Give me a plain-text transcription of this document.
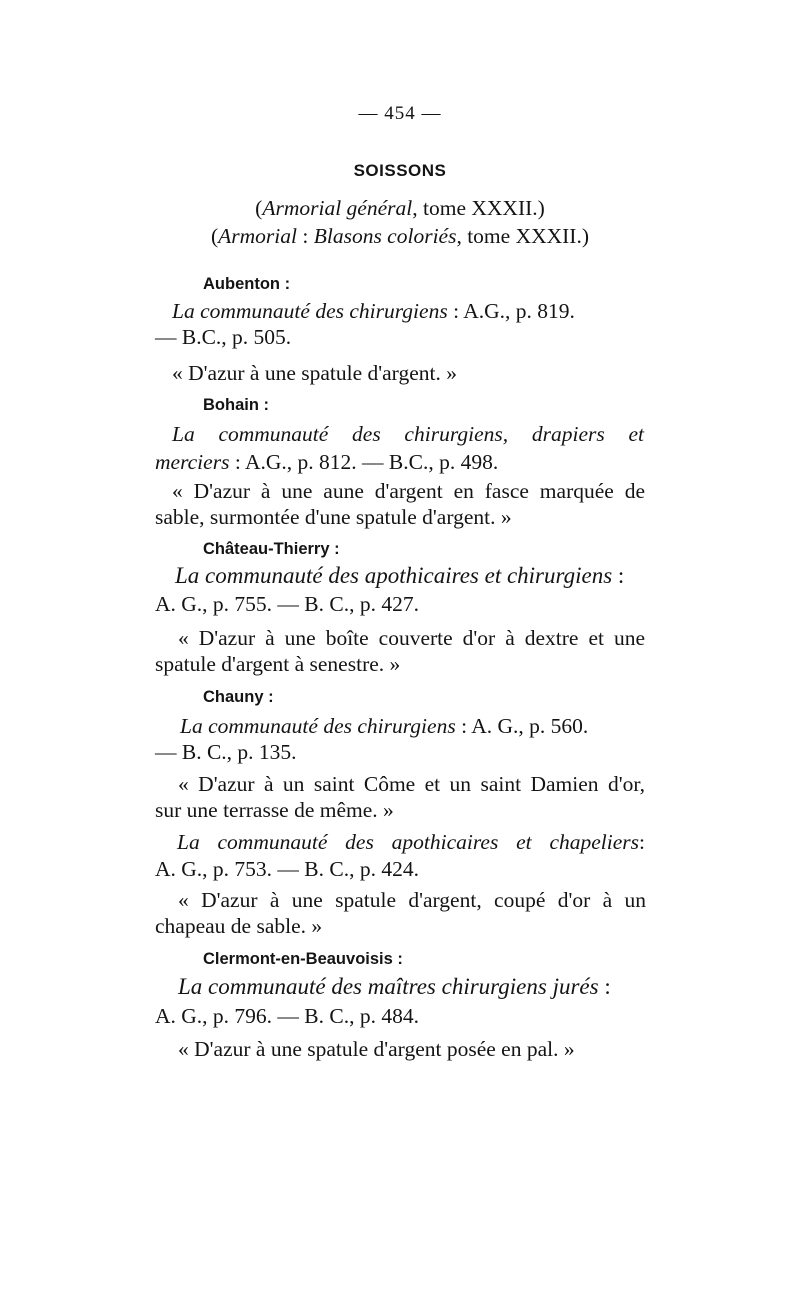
— 454 —
SOISSONS
(Armorial général, tome XXXII.)
(Armorial : Blasons coloriés, tome XXXII.)
Aubenton :
La communauté des chirurgiens : A.G., p. 819.
— B.C., p. 505.
« D'azur à une spatule d'argent. »
Bohain :
La communauté des chirurgiens, drapiers et
merciers : A.G., p. 812. — B.C., p. 498.
« D'azur à une aune d'argent en fasce marquée de
sable, surmontée d'une spatule d'argent. »
Château-Thierry :
La communauté des apothicaires et chirurgiens :
A. G., p. 755. — B. C., p. 427.
« D'azur à une boîte couverte d'or à dextre et une
spatule d'argent à senestre. »
Chauny :
La communauté des chirurgiens : A. G., p. 560.
— B. C., p. 135.
« D'azur à un saint Côme et un saint Damien d'or,
sur une terrasse de même. »
La communauté des apothicaires et chapeliers:
A. G., p. 753. — B. C., p. 424.
« D'azur à une spatule d'argent, coupé d'or à un
chapeau de sable. »
Clermont-en-Beauvoisis :
La communauté des maîtres chirurgiens jurés :
A. G., p. 796. — B. C., p. 484.
« D'azur à une spatule d'argent posée en pal. »
